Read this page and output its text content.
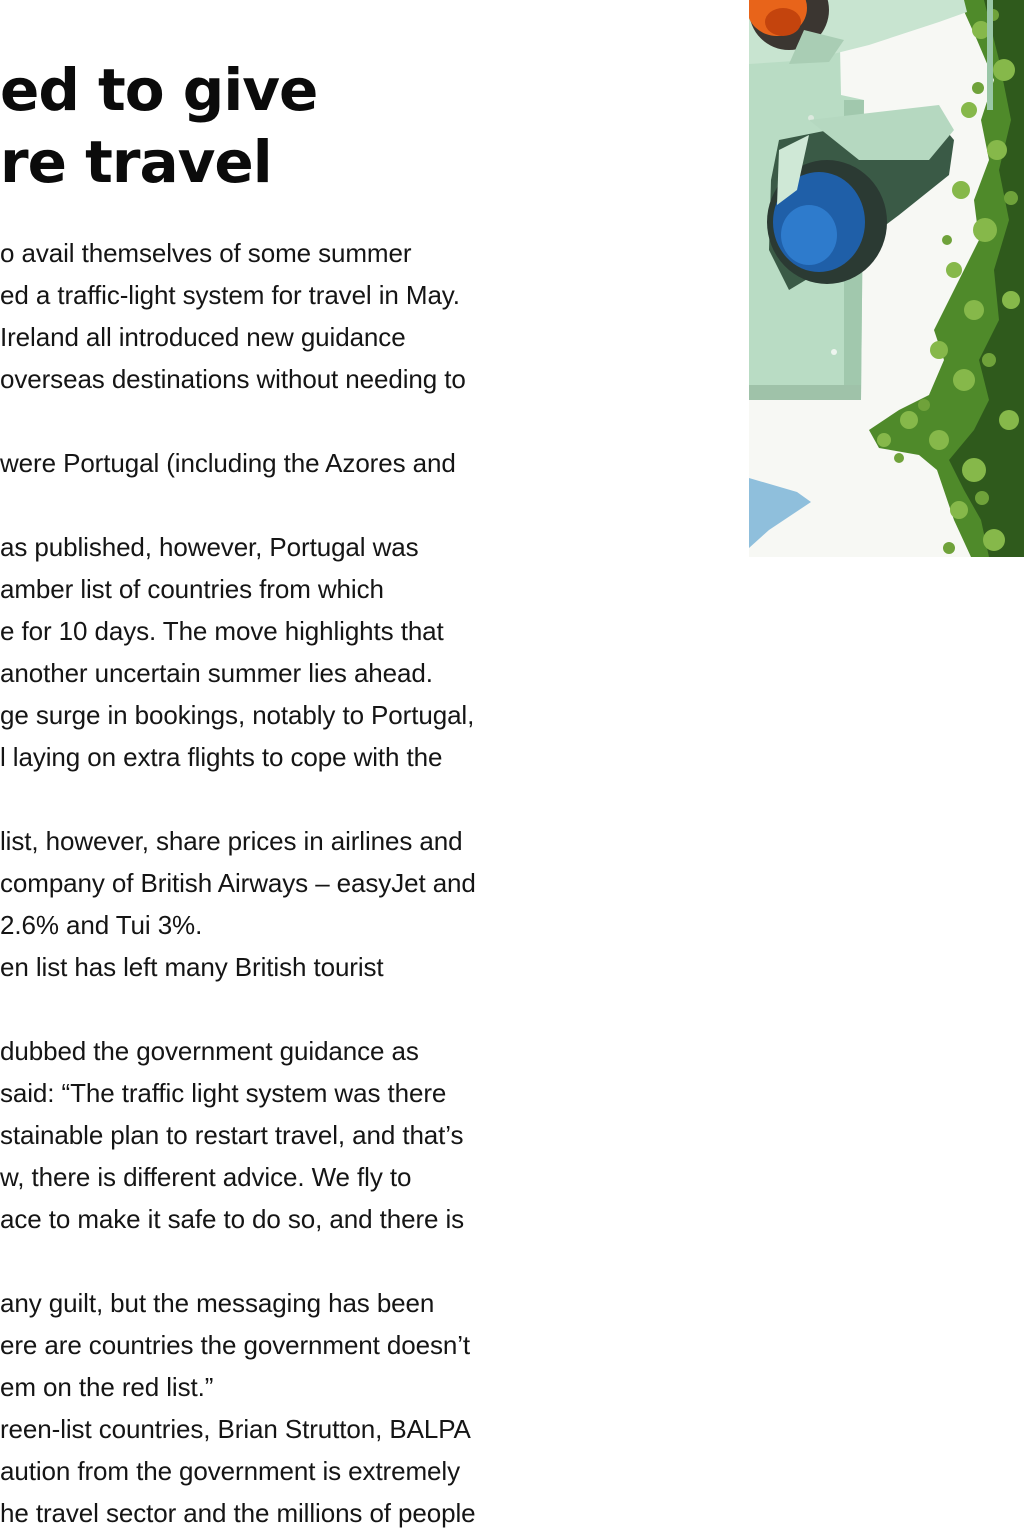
ed to give
re travel
o avail themselves of some summer
ed a traffic-light system for travel in May.
Ireland all introduced new guidance
overseas destinations without needing to
were Portugal (including the Azores and
as published, however, Portugal was
amber list of countries from which
e for 10 days. The move highlights that
another uncertain summer lies ahead.
ge surge in bookings, notably to Portugal,
l laying on extra flights to cope with the
list, however, share prices in airlines and
company of British Airways – easyJet and
2.6% and Tui 3%.
en list has left many British tourist
dubbed the government guidance as
said: “The traffic light system was there
stainable plan to restart travel, and that’s
w, there is different advice. We fly to
ace to make it safe to do so, and there is
any guilt, but the messaging has been
ere are countries the government doesn’t
em on the red list.”
reen-list countries, Brian Strutton, BALPA
aution from the government is extremely
he travel sector and the millions of people
